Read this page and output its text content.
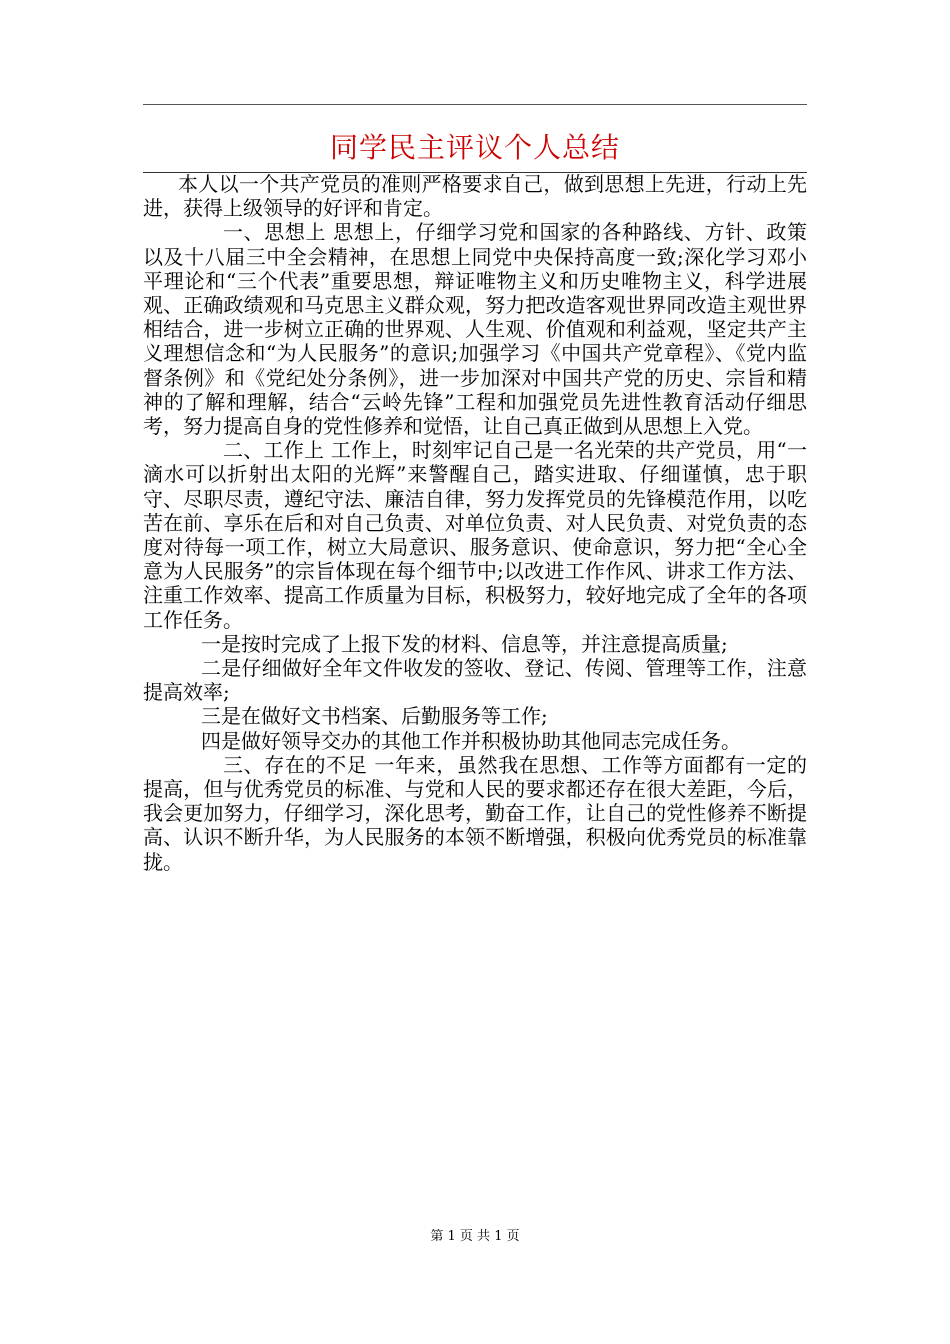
同学民主评议个人总结

本人以一个共产党员的准则严格要求自己，做到思想上先进，行动上先进，获得上级领导的好评和肯定。

一、思想上 思想上，仔细学习党和国家的各种路线、方针、政策以及十八届三中全会精神，在思想上同党中央保持高度一致;深化学习邓小平理论和“三个代表”重要思想，辩证唯物主义和历史唯物主义，科学进展观、正确政绩观和马克思主义群众观，努力把改造客观世界同改造主观世界相结合，进一步树立正确的世界观、人生观、价值观和利益观，坚定共产主义理想信念和“为人民服务”的意识;加强学习《中国共产党章程》、《党内监督条例》和《党纪处分条例》，进一步加深对中国共产党的历史、宗旨和精神的了解和理解，结合“云岭先锋”工程和加强党员先进性教育活动仔细思考，努力提高自身的党性修养和觉悟，让自己真正做到从思想上入党。

二、工作上 工作上，时刻牢记自己是一名光荣的共产党员，用“一滴水可以折射出太阳的光辉”来警醒自己，踏实进取、仔细谨慎，忠于职守、尽职尽责，遵纪守法、廉洁自律，努力发挥党员的先锋模范作用，以吃苦在前、享乐在后和对自己负责、对单位负责、对人民负责、对党负责的态度对待每一项工作，树立大局意识、服务意识、使命意识，努力把“全心全意为人民服务”的宗旨体现在每个细节中;以改进工作作风、讲求工作方法、注重工作效率、提高工作质量为目标，积极努力，较好地完成了全年的各项工作任务。

一是按时完成了上报下发的材料、信息等，并注意提高质量;

二是仔细做好全年文件收发的签收、登记、传阅、管理等工作，注意提高效率;

三是在做好文书档案、后勤服务等工作;

四是做好领导交办的其他工作并积极协助其他同志完成任务。

三、存在的不足 一年来，虽然我在思想、工作等方面都有一定的提高，但与优秀党员的标准、与党和人民的要求都还存在很大差距，今后，我会更加努力，仔细学习，深化思考，勤奋工作，让自己的党性修养不断提高、认识不断升华，为人民服务的本领不断增强，积极向优秀党员的标准靠拢。

第 1 页 共 1 页
